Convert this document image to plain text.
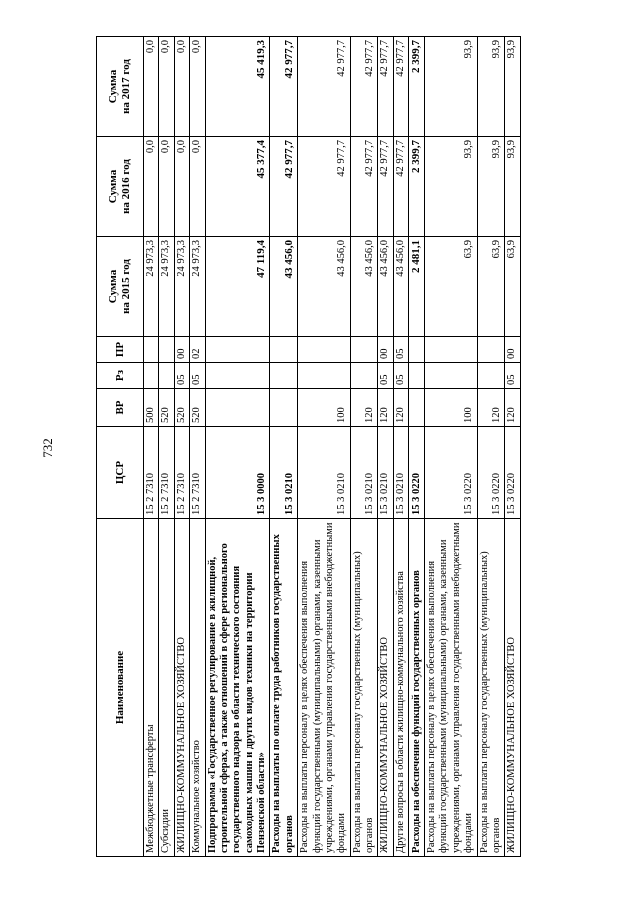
732
Наименование	ЦСР	ВР	Рз	ПР	Сумма
на 2015 год	Сумма
на 2016 год	Сумма
на 2017 год
Межбюджетные трансферты	15 2 7310	500			24 973,3	0,0	0,0
Субсидии	15 2 7310	520			24 973,3	0,0	0,0
ЖИЛИЩНО-КОММУНАЛЬНОЕ ХОЗЯЙСТВО	15 2 7310	520	05	00	24 973,3	0,0	0,0
Коммунальное хозяйство	15 2 7310	520	05	02	24 973,3	0,0	0,0
Подпрограмма «Государственное регулирование в жилищной, строительной сферах, а также отношений в сфере регионального государственного надзора в области технического состояния самоходных машин и других видов техники на территории Пензенской области»	15 3 0000				47 119,4	45 377,4	45 419,3
Расходы на выплаты по оплате труда работников государственных органов	15 3 0210				43 456,0	42 977,7	42 977,7
Расходы на выплаты персоналу в целях обеспечения выполнения функций государственными (муниципальными) органами, казенными учреждениями, органами управления государственными внебюджетными фондами	15 3 0210	100			43 456,0	42 977,7	42 977,7
Расходы на выплаты персоналу государственных (муниципальных) органов	15 3 0210	120			43 456,0	42 977,7	42 977,7
ЖИЛИЩНО-КОММУНАЛЬНОЕ ХОЗЯЙСТВО	15 3 0210	120	05	00	43 456,0	42 977,7	42 977,7
Другие вопросы в области жилищно-коммунального хозяйства	15 3 0210	120	05	05	43 456,0	42 977,7	42 977,7
Расходы на обеспечение функций государственных органов	15 3 0220				2 481,1	2 399,7	2 399,7
Расходы на выплаты персоналу в целях обеспечения выполнения функций государственными (муниципальными) органами, казенными учреждениями, органами управления государственными внебюджетными фондами	15 3 0220	100			63,9	93,9	93,9
Расходы на выплаты персоналу государственных (муниципальных) органов	15 3 0220	120			63,9	93,9	93,9
ЖИЛИЩНО-КОММУНАЛЬНОЕ ХОЗЯЙСТВО	15 3 0220	120	05	00	63,9	93,9	93,9
